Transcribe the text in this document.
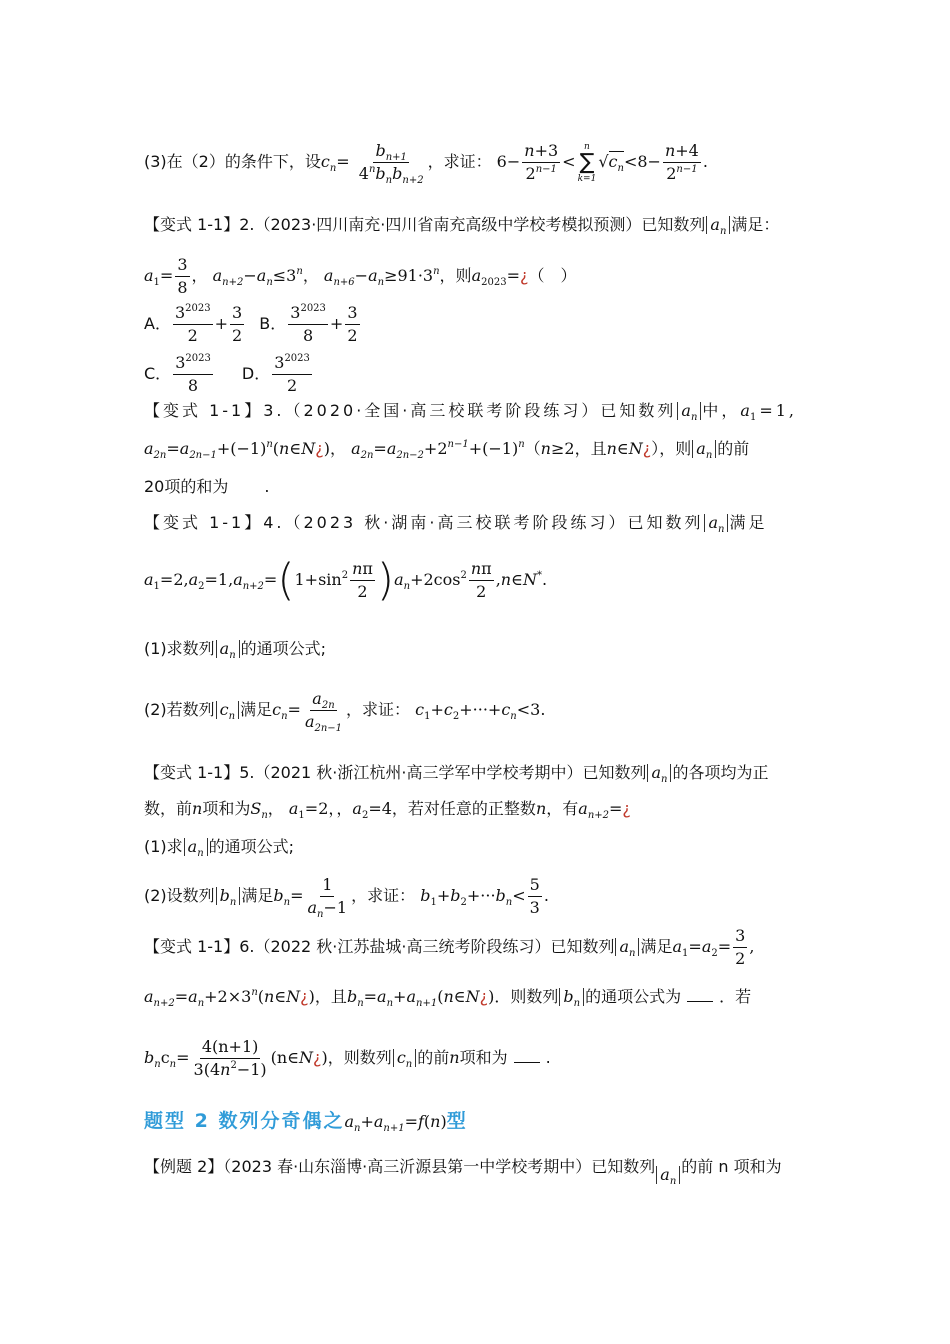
(3)在（2）的条件下，设$c_n= \frac{b_{n+1}}{4^nb_nb_{n+2}}$ ，求证： $6- \frac{n+3}{2^{n-1}}$ <
n
∑
k=1
$√c_n<8- \frac{n+4}{2^{n-1}}$ .
【变式 1-1】2.（2023·四川南充·四川省南充高级中学校考模拟预测）已知数列 $a_n$ 满足：
$a_1= \frac{3}{8}$ ， $a_{n+2}-a_n\le 3^n$， $a_{n+6}-a_n\ge 91\cdot 3^n$，则$a_{2023}=¿$（　）
A． $\frac{3^{2023}}{2} + \frac{3}{2}$ B． $\frac{3^{2023}}{8} + \frac{3}{2}$
C． $\frac{3^{2023}}{8}$ D． $\frac{3^{2023}}{2}$
【变式 1-1】3.（2020·全国·高三校联考阶段练习）已知数列 $a_n$ 中，$a_1=1$,
$a_{2n}=a_{2n-1}+(-1)^n(n\in N¿)$， $a_{2n}=a_{2n-2}+2^{n-1}+(-1)^n(n\ge 2$，且n∈N¿），则 $a_n$ 的前
20项的和为 .
【变式 1-1】4.（2023 秋·湖南·高三校联考阶段练习）已知数列 $a_n$ 满足
$a_1=2,a_2=1,a_{n+2}=(1+\sin^2 \frac{n\pi}{2} )a_n+2\cos^2 \frac{n\pi}{2}$ ,n∈N*.
(1)求数列 $a_n$ 的通项公式;
(2)若数列 $c_n$ 满足$c_n= \frac{a_{2n}}{a_{2n-1}}$ ，求证： $c_1+c_2+\cdot\cdot\cdot+c_n<3$.
【变式 1-1】5.（2021 秋·浙江杭州·高三学军中学校考期中）已知数列 $a_n$ 的各项均为正
数，前n项和为$S_n$， $a_1=2$，，$a_2=4$，若对任意的正整数n，有$a_{n+2}=¿$
(1)求 $a_n$ 的通项公式;
(2)设数列 $b_n$ 满足$b_n= \frac{1}{a_n-1}$ ，求证： $b_1+b_2+\cdot\cdot\cdot b_n< \frac{5}{3}$ .
【变式 1-1】6.（2022 秋·江苏盐城·高三统考阶段练习）已知数列 $a_n$ 满足$a_1=a_2= \frac{3}{2}$ ,
$a_{n+2}=a_n+2\times 3^n(n\in N¿)$，且$b_n=a_n+a_{n+1}(n\in N¿)$．则数列 $b_n$ 的通项公式为 ．若
$b_nc_n= \frac{4(n+1)}{3(4n^2-1)}$ (n∈N¿)，则数列 $c_n$ 的前n项和为 .
题型 2 数列分奇偶之$a_n+a_{n+1}=f(n)$型
【例题 2】（2023 春·山东淄博·高三沂源县第一中学校考期中）已知数列 $a_n$的前 n 项和为
